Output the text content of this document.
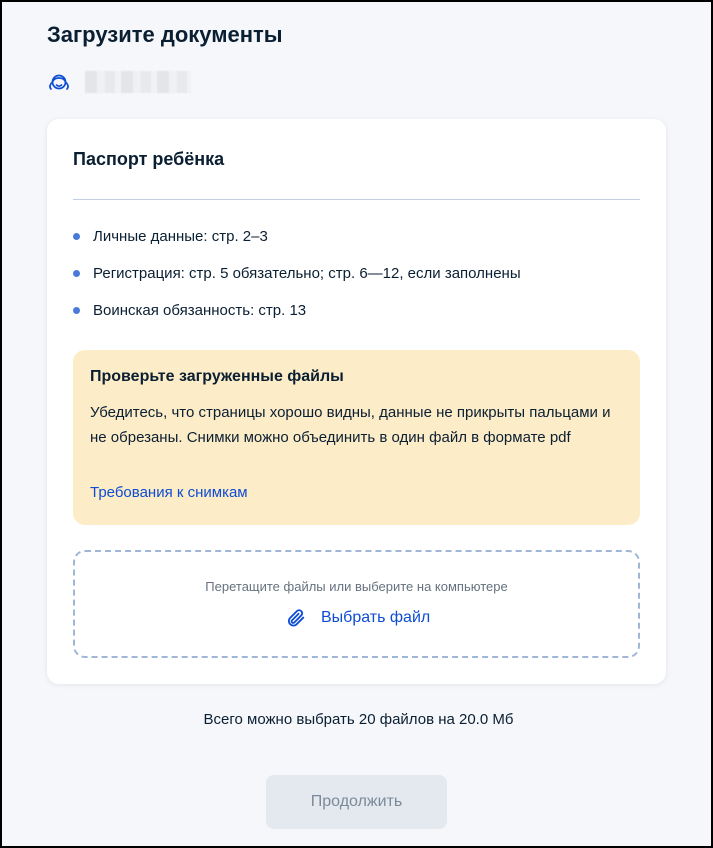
Загрузите документы
Паспорт ребёнка
Личные данные: стр. 2–3
Регистрация: стр. 5 обязательно; стр. 6—12, если заполнены
Воинская обязанность: стр. 13
Проверьте загруженные файлы
Убедитесь, что страницы хорошо видны, данные не прикрыты пальцами и не обрезаны. Снимки можно объединить в один файл в формате pdf
Требования к снимкам
Перетащите файлы или выберите на компьютере
Выбрать файл
Всего можно выбрать 20 файлов на 20.0 Мб
Продолжить
